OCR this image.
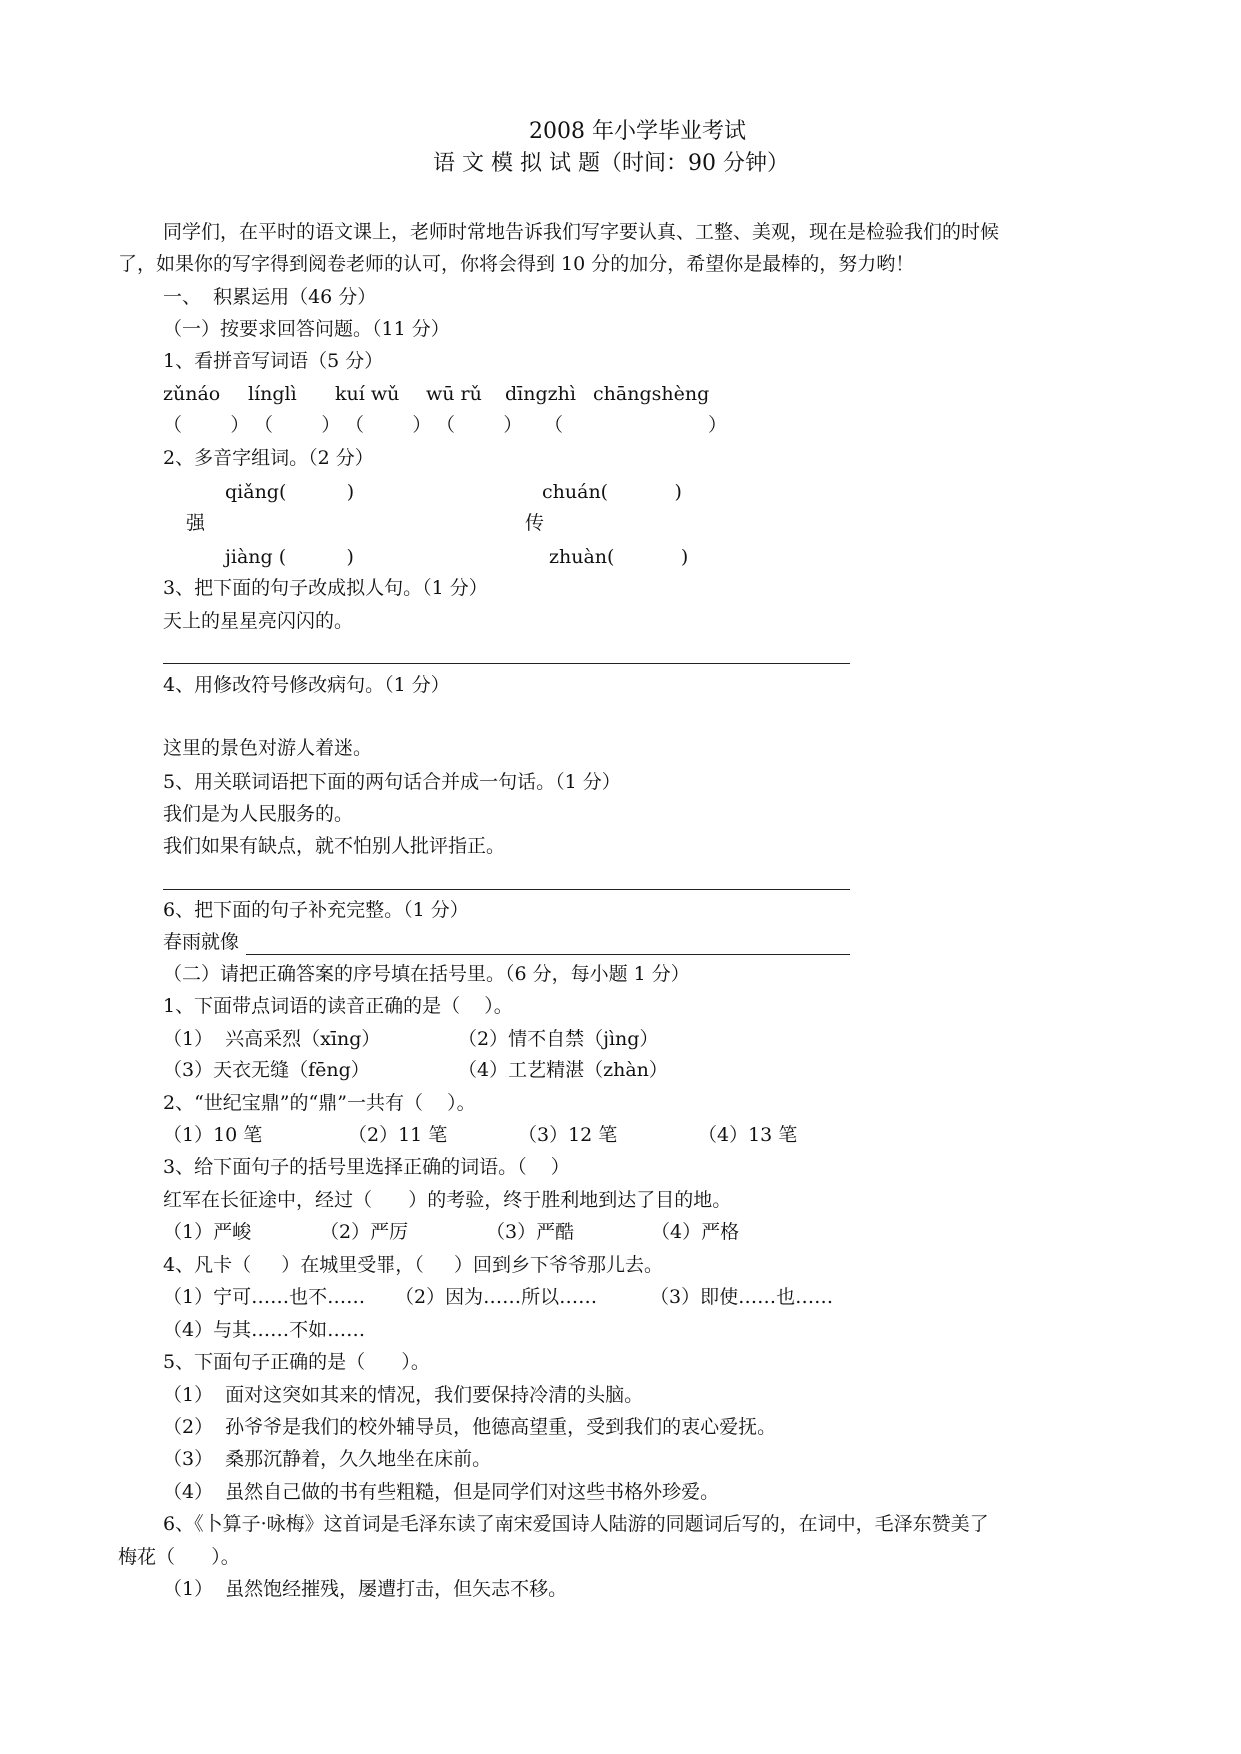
2008 年小学毕业考试
语 文 模 拟 试 题（时间：90 分钟）
同学们，在平时的语文课上，老师时常地告诉我们写字要认真、工整、美观，现在是检验我们的时候
了，如果你的写字得到阅卷老师的认可，你将会得到 10 分的加分，希望你是最棒的，努力哟！
一、  积累运用（46 分）
（一）按要求回答问题。（11 分）
1、看拼音写词语（5 分）
zǔnáo línglì kuí wǔ wū rǔ dīngzhì chāngshèng
（        ） （        ） （        ） （        ） （                        ）
2、多音字组词。（2 分）
qiǎng(          )	chuán(           )
强	传
jiàng (          )	zhuàn(           )
3、把下面的句子改成拟人句。（1 分）
天上的星星亮闪闪的。
4、用修改符号修改病句。（1 分）
这里的景色对游人着迷。
5、用关联词语把下面的两句话合并成一句话。（1 分）
我们是为人民服务的。
我们如果有缺点，就不怕别人批评指正。
6、把下面的句子补充完整。（1 分）
春雨就像
（二）请把正确答案的序号填在括号里。（6 分，每小题 1 分）
1、下面带点词语的读音正确的是（    ）。
（1）  兴高采烈（xīng）	（2）情不自禁（jìng）
（3）天衣无缝（fēng）	（4）工艺精湛（zhàn）
2、“世纪宝鼎”的“鼎”一共有（    ）。
（1）10 笔	（2）11 笔	（3）12 笔	（4）13 笔
3、给下面句子的括号里选择正确的词语。（    ）
红军在长征途中，经过（      ）的考验，终于胜利地到达了目的地。
（1）严峻	（2）严厉	（3）严酷	（4）严格
4、凡卡（     ）在城里受罪，（     ）回到乡下爷爷那儿去。
（1）宁可……也不…… （2）因为……所以……	（3）即使……也……
（4）与其……不如……
5、下面句子正确的是（      ）。
（1）  面对这突如其来的情况，我们要保持冷清的头脑。
（2）  孙爷爷是我们的校外辅导员，他德高望重，受到我们的衷心爱抚。
（3）  桑那沉静着，久久地坐在床前。
（4）  虽然自己做的书有些粗糙，但是同学们对这些书格外珍爱。
6、《卜算子·咏梅》这首词是毛泽东读了南宋爱国诗人陆游的同题词后写的，在词中，毛泽东赞美了
梅花（      ）。
（1）  虽然饱经摧残，屡遭打击，但矢志不移。
